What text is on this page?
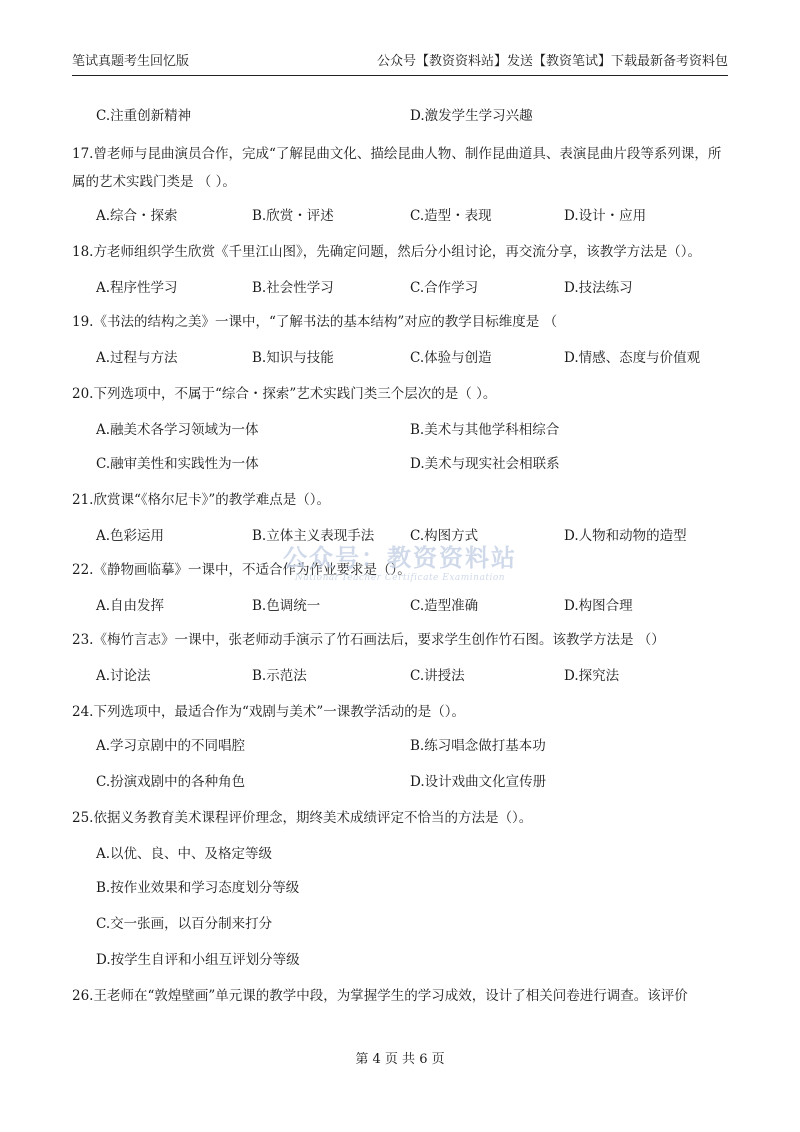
笔试真题考生回忆版	公众号【教资资料站】发送【教资笔试】下载最新备考资料包
C.注重创新精神	D.激发学生学习兴趣
17.曾老师与昆曲演员合作，完成“了解昆曲文化、描绘昆曲人物、制作昆曲道具、表演昆曲片段等系列课，所属的艺术实践门类是 （ ）。
A.综合・探索	B.欣赏・评述	C.造型・表现	D.设计・应用
18.方老师组织学生欣赏《千里江山图》，先确定问题，然后分小组讨论，再交流分享，该教学方法是（）。
A.程序性学习	B.社会性学习	C.合作学习	D.技法练习
19.《书法的结构之美》一课中，“了解书法的基本结构”对应的教学目标维度是 （
A.过程与方法	B.知识与技能	C.体验与创造	D.情感、态度与价值观
20.下列选项中，不属于“综合・探索”艺术实践门类三个层次的是（ ）。
A.融美术各学习领域为一体	B.美术与其他学科相综合
C.融审美性和实践性为一体	D.美术与现实社会相联系
21.欣赏课“《格尔尼卡》”的教学难点是（）。
A.色彩运用	B.立体主义表现手法	C.构图方式	D.人物和动物的造型
22.《静物画临摹》一课中，不适合作为作业要求是（）。
A.自由发挥	B.色调统一	C.造型准确	D.构图合理
23.《梅竹言志》一课中，张老师动手演示了竹石画法后，要求学生创作竹石图。该教学方法是 （）
A.讨论法	B.示范法	C.讲授法	D.探究法
24.下列选项中，最适合作为“戏剧与美术”一课教学活动的是（）。
A.学习京剧中的不同唱腔	B.练习唱念做打基本功
C.扮演戏剧中的各种角色	D.设计戏曲文化宣传册
25.依据义务教育美术课程评价理念，期终美术成绩评定不恰当的方法是（）。
A.以优、良、中、及格定等级
B.按作业效果和学习态度划分等级
C.交一张画，以百分制来打分
D.按学生自评和小组互评划分等级
26.王老师在“敦煌壁画”单元课的教学中段，为掌握学生的学习成效，设计了相关问卷进行调查。该评价
公众号：教资资料站
National Teacher Certificate Examination
第 4 页 共 6 页
